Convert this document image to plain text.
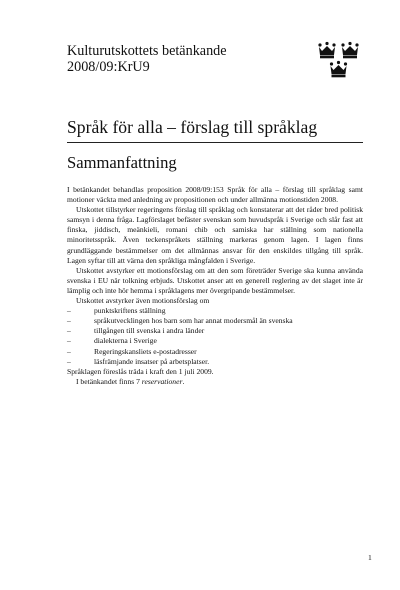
Kulturutskottets betänkande
2008/09:KrU9
Språk för alla – förslag till språklag
Sammanfattning

I betänkandet behandlas proposition 2008/09:153 Språk för alla – förslag till språklag samt motioner väckta med anledning av propositionen och under allmänna motionstiden 2008.

Utskottet tillstyrker regeringens förslag till språklag och konstaterar att det råder bred politisk samsyn i denna fråga. Lagförslaget befäster svenskan som huvudspråk i Sverige och slår fast att finska, jiddisch, meänkieli, romani chib och samiska har ställning som nationella minoritetsspråk. Även teckenspråkets ställning markeras genom lagen. I lagen finns grundläggande bestämmelser om det allmännas ansvar för den enskildes tillgång till språk. Lagen syftar till att värna den språkliga mångfalden i Sverige.

Utskottet avstyrker ett motionsförslag om att den som företräder Sverige ska kunna använda svenska i EU när tolkning erbjuds. Utskottet anser att en generell reglering av det slaget inte är lämplig och inte hör hemma i språklagens mer övergripande bestämmelser.

Utskottet avstyrker även motionsförslag om

–	punktskriftens ställning
–	språkutvecklingen hos barn som har annat modersmål än svenska
–	tillgången till svenska i andra länder
–	dialekterna i Sverige
–	Regeringskansliets e-postadresser
–	läsfrämjande insatser på arbetsplatser.

Språklagen föreslås träda i kraft den 1 juli 2009.

I betänkandet finns 7 reservationer.

1
